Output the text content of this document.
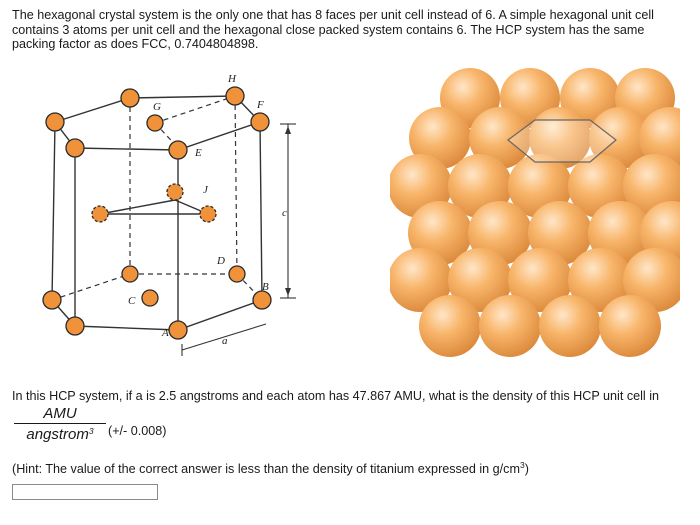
The hexagonal crystal system is the only one that has 8 faces per unit cell instead of 6. A simple hexagonal unit cell contains 3 atoms per unit cell and the hexagonal close packed system contains 6. The HCP system has the same packing factor as does FCC, 0.7404804898.
H
G	F
E
J
D
C
B
A
a
c
In this HCP system, if a is 2.5 angstroms and each atom has 47.867 AMU, what is the density of this HCP unit cell in
AMU
angstrom$^3$	(+/- 0.008)
(Hint: The value of the correct answer is less than the density of titanium expressed in $g/cm^3$)
